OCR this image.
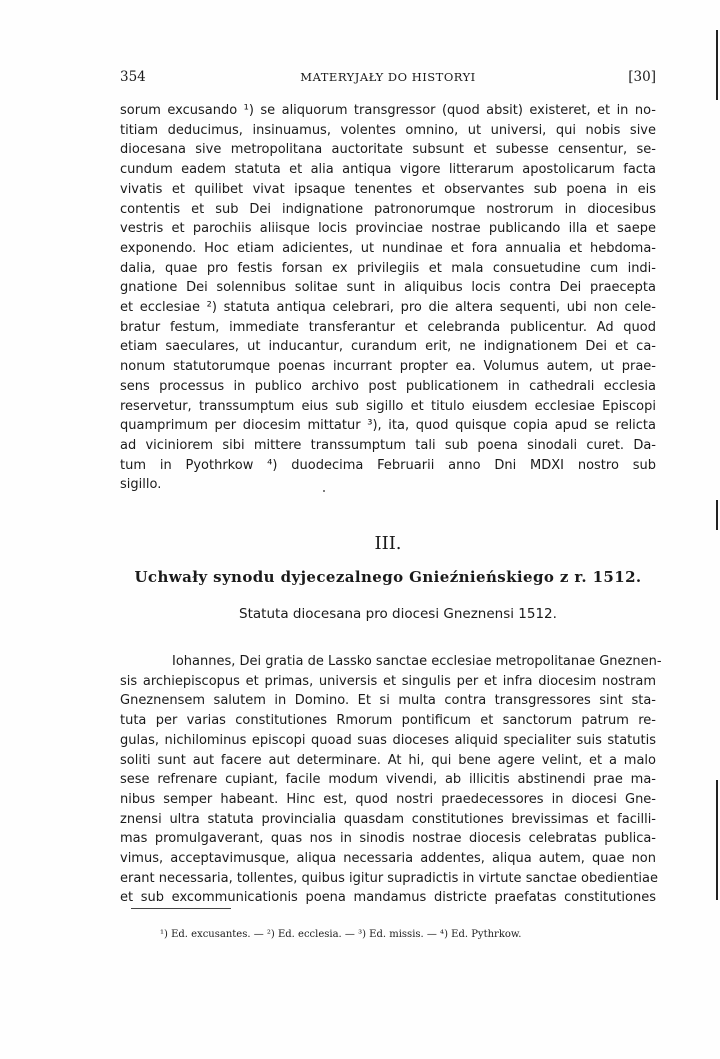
354	MATERYJAŁY DO HISTORYI	[30]
sorum excusando ¹) se aliquorum transgressor (quod absit) existeret, et in no-
titiam deducimus, insinuamus, volentes omnino, ut universi, qui nobis sive
diocesana sive metropolitana auctoritate subsunt et subesse censentur, se-
cundum eadem statuta et alia antiqua vigore litterarum apostolicarum facta
vivatis et quilibet vivat ipsaque tenentes et observantes sub poena in eis
contentis et sub Dei indignatione patronorumque nostrorum in diocesibus
vestris et parochiis aliisque locis provinciae nostrae publicando illa et saepe
exponendo. Hoc etiam adicientes, ut nundinae et fora annualia et hebdoma-
dalia, quae pro festis forsan ex privilegiis et mala consuetudine cum indi-
gnatione Dei solennibus solitae sunt in aliquibus locis contra Dei praecepta
et ecclesiae ²) statuta antiqua celebrari, pro die altera sequenti, ubi non cele-
bratur festum, immediate transferantur et celebranda publicentur. Ad quod
etiam saeculares, ut inducantur, curandum erit, ne indignationem Dei et ca-
nonum statutorumque poenas incurrant propter ea. Volumus autem, ut prae-
sens processus in publico archivo post publicationem in cathedrali ecclesia
reservetur, transsumptum eius sub sigillo et titulo eiusdem ecclesiae Episcopi
quamprimum per diocesim mittatur ³), ita, quod quisque copia apud se relicta
ad viciniorem sibi mittere transsumptum tali sub poena sinodali curet. Da-
tum in Pyothrkow ⁴) duodecima Februarii anno Dni MDXI nostro sub
sigillo.
III.
Uchwały synodu dyjecezalnego Gnieźnieńskiego z r. 1512.
Statuta diocesana pro diocesi Gneznensi 1512.
Iohannes, Dei gratia de Lassko sanctae ecclesiae metropolitanae Gneznen-
sis archiepiscopus et primas, universis et singulis per et infra diocesim nostram
Gneznensem salutem in Domino. Et si multa contra transgressores sint sta-
tuta per varias constitutiones Rmorum pontificum et sanctorum patrum re-
gulas, nichilominus episcopi quoad suas dioceses aliquid specialiter suis statutis
soliti sunt aut facere aut determinare. At hi, qui bene agere velint, et a malo
sese refrenare cupiant, facile modum vivendi, ab illicitis abstinendi prae ma-
nibus semper habeant. Hinc est, quod nostri praedecessores in diocesi Gne-
znensi ultra statuta provincialia quasdam constitutiones brevissimas et facilli-
mas promulgaverant, quas nos in sinodis nostrae diocesis celebratas publica-
vimus, acceptavimusque, aliqua necessaria addentes, aliqua autem, quae non
erant necessaria, tollentes, quibus igitur supradictis in virtute sanctae obedientiae
et sub excommunicationis poena mandamus districte praefatas constitutiones
¹) Ed. excusantes. — ²) Ed. ecclesia. — ³) Ed. missis. — ⁴) Ed. Pythrkow.
